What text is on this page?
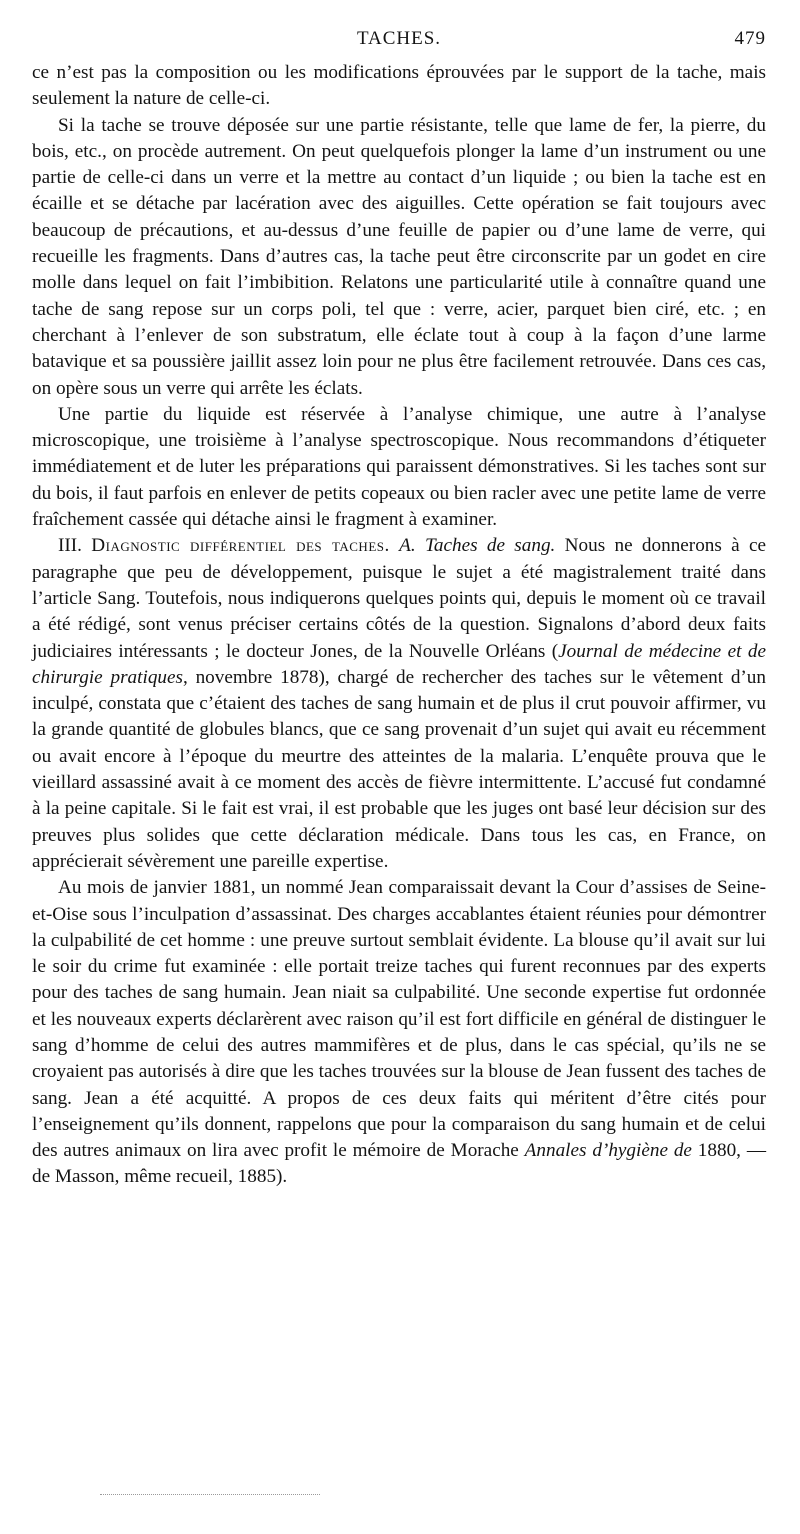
TACHES.	479

ce n’est pas la composition ou les modifications éprouvées par le support de la tache, mais seulement la nature de celle-ci.

Si la tache se trouve déposée sur une partie résistante, telle que lame de fer, la pierre, du bois, etc., on procède autrement. On peut quelquefois plonger la lame d’un instrument ou une partie de celle-ci dans un verre et la mettre au contact d’un liquide ; ou bien la tache est en écaille et se détache par lacération avec des aiguilles. Cette opération se fait toujours avec beaucoup de précautions, et au-dessus d’une feuille de papier ou d’une lame de verre, qui recueille les fragments. Dans d’autres cas, la tache peut être circonscrite par un godet en cire molle dans lequel on fait l’imbibition. Relatons une particularité utile à connaître quand une tache de sang repose sur un corps poli, tel que : verre, acier, parquet bien ciré, etc. ; en cherchant à l’enlever de son substratum, elle éclate tout à coup à la façon d’une larme batavique et sa poussière jaillit assez loin pour ne plus être facilement retrouvée. Dans ces cas, on opère sous un verre qui arrête les éclats.

Une partie du liquide est réservée à l’analyse chimique, une autre à l’analyse microscopique, une troisième à l’analyse spectroscopique. Nous recommandons d’étiqueter immédiatement et de luter les préparations qui paraissent démonstratives. Si les taches sont sur du bois, il faut parfois en enlever de petits copeaux ou bien racler avec une petite lame de verre fraîchement cassée qui détache ainsi le fragment à examiner.

III. Diagnostic différentiel des taches. A. Taches de sang. Nous ne donnerons à ce paragraphe que peu de développement, puisque le sujet a été magistralement traité dans l’article Sang. Toutefois, nous indiquerons quelques points qui, depuis le moment où ce travail a été rédigé, sont venus préciser certains côtés de la question. Signalons d’abord deux faits judiciaires intéressants ; le docteur Jones, de la Nouvelle Orléans (Journal de médecine et de chirurgie pratiques, novembre 1878), chargé de rechercher des taches sur le vêtement d’un inculpé, constata que c’étaient des taches de sang humain et de plus il crut pouvoir affirmer, vu la grande quantité de globules blancs, que ce sang provenait d’un sujet qui avait eu récemment ou avait encore à l’époque du meurtre des atteintes de la malaria. L’enquête prouva que le vieillard assassiné avait à ce moment des accès de fièvre intermittente. L’accusé fut condamné à la peine capitale. Si le fait est vrai, il est probable que les juges ont basé leur décision sur des preuves plus solides que cette déclaration médicale. Dans tous les cas, en France, on apprécierait sévèrement une pareille expertise.

Au mois de janvier 1881, un nommé Jean comparaissait devant la Cour d’assises de Seine-et-Oise sous l’inculpation d’assassinat. Des charges accablantes étaient réunies pour démontrer la culpabilité de cet homme : une preuve surtout semblait évidente. La blouse qu’il avait sur lui le soir du crime fut examinée : elle portait treize taches qui furent reconnues par des experts pour des taches de sang humain. Jean niait sa culpabilité. Une seconde expertise fut ordonnée et les nouveaux experts déclarèrent avec raison qu’il est fort difficile en général de distinguer le sang d’homme de celui des autres mammifères et de plus, dans le cas spécial, qu’ils ne se croyaient pas autorisés à dire que les taches trouvées sur la blouse de Jean fussent des taches de sang. Jean a été acquitté. A propos de ces deux faits qui méritent d’être cités pour l’enseignement qu’ils donnent, rappelons que pour la comparaison du sang humain et de celui des autres animaux on lira avec profit le mémoire de Morache Annales d’hygiène de 1880, — de Masson, même recueil, 1885).
